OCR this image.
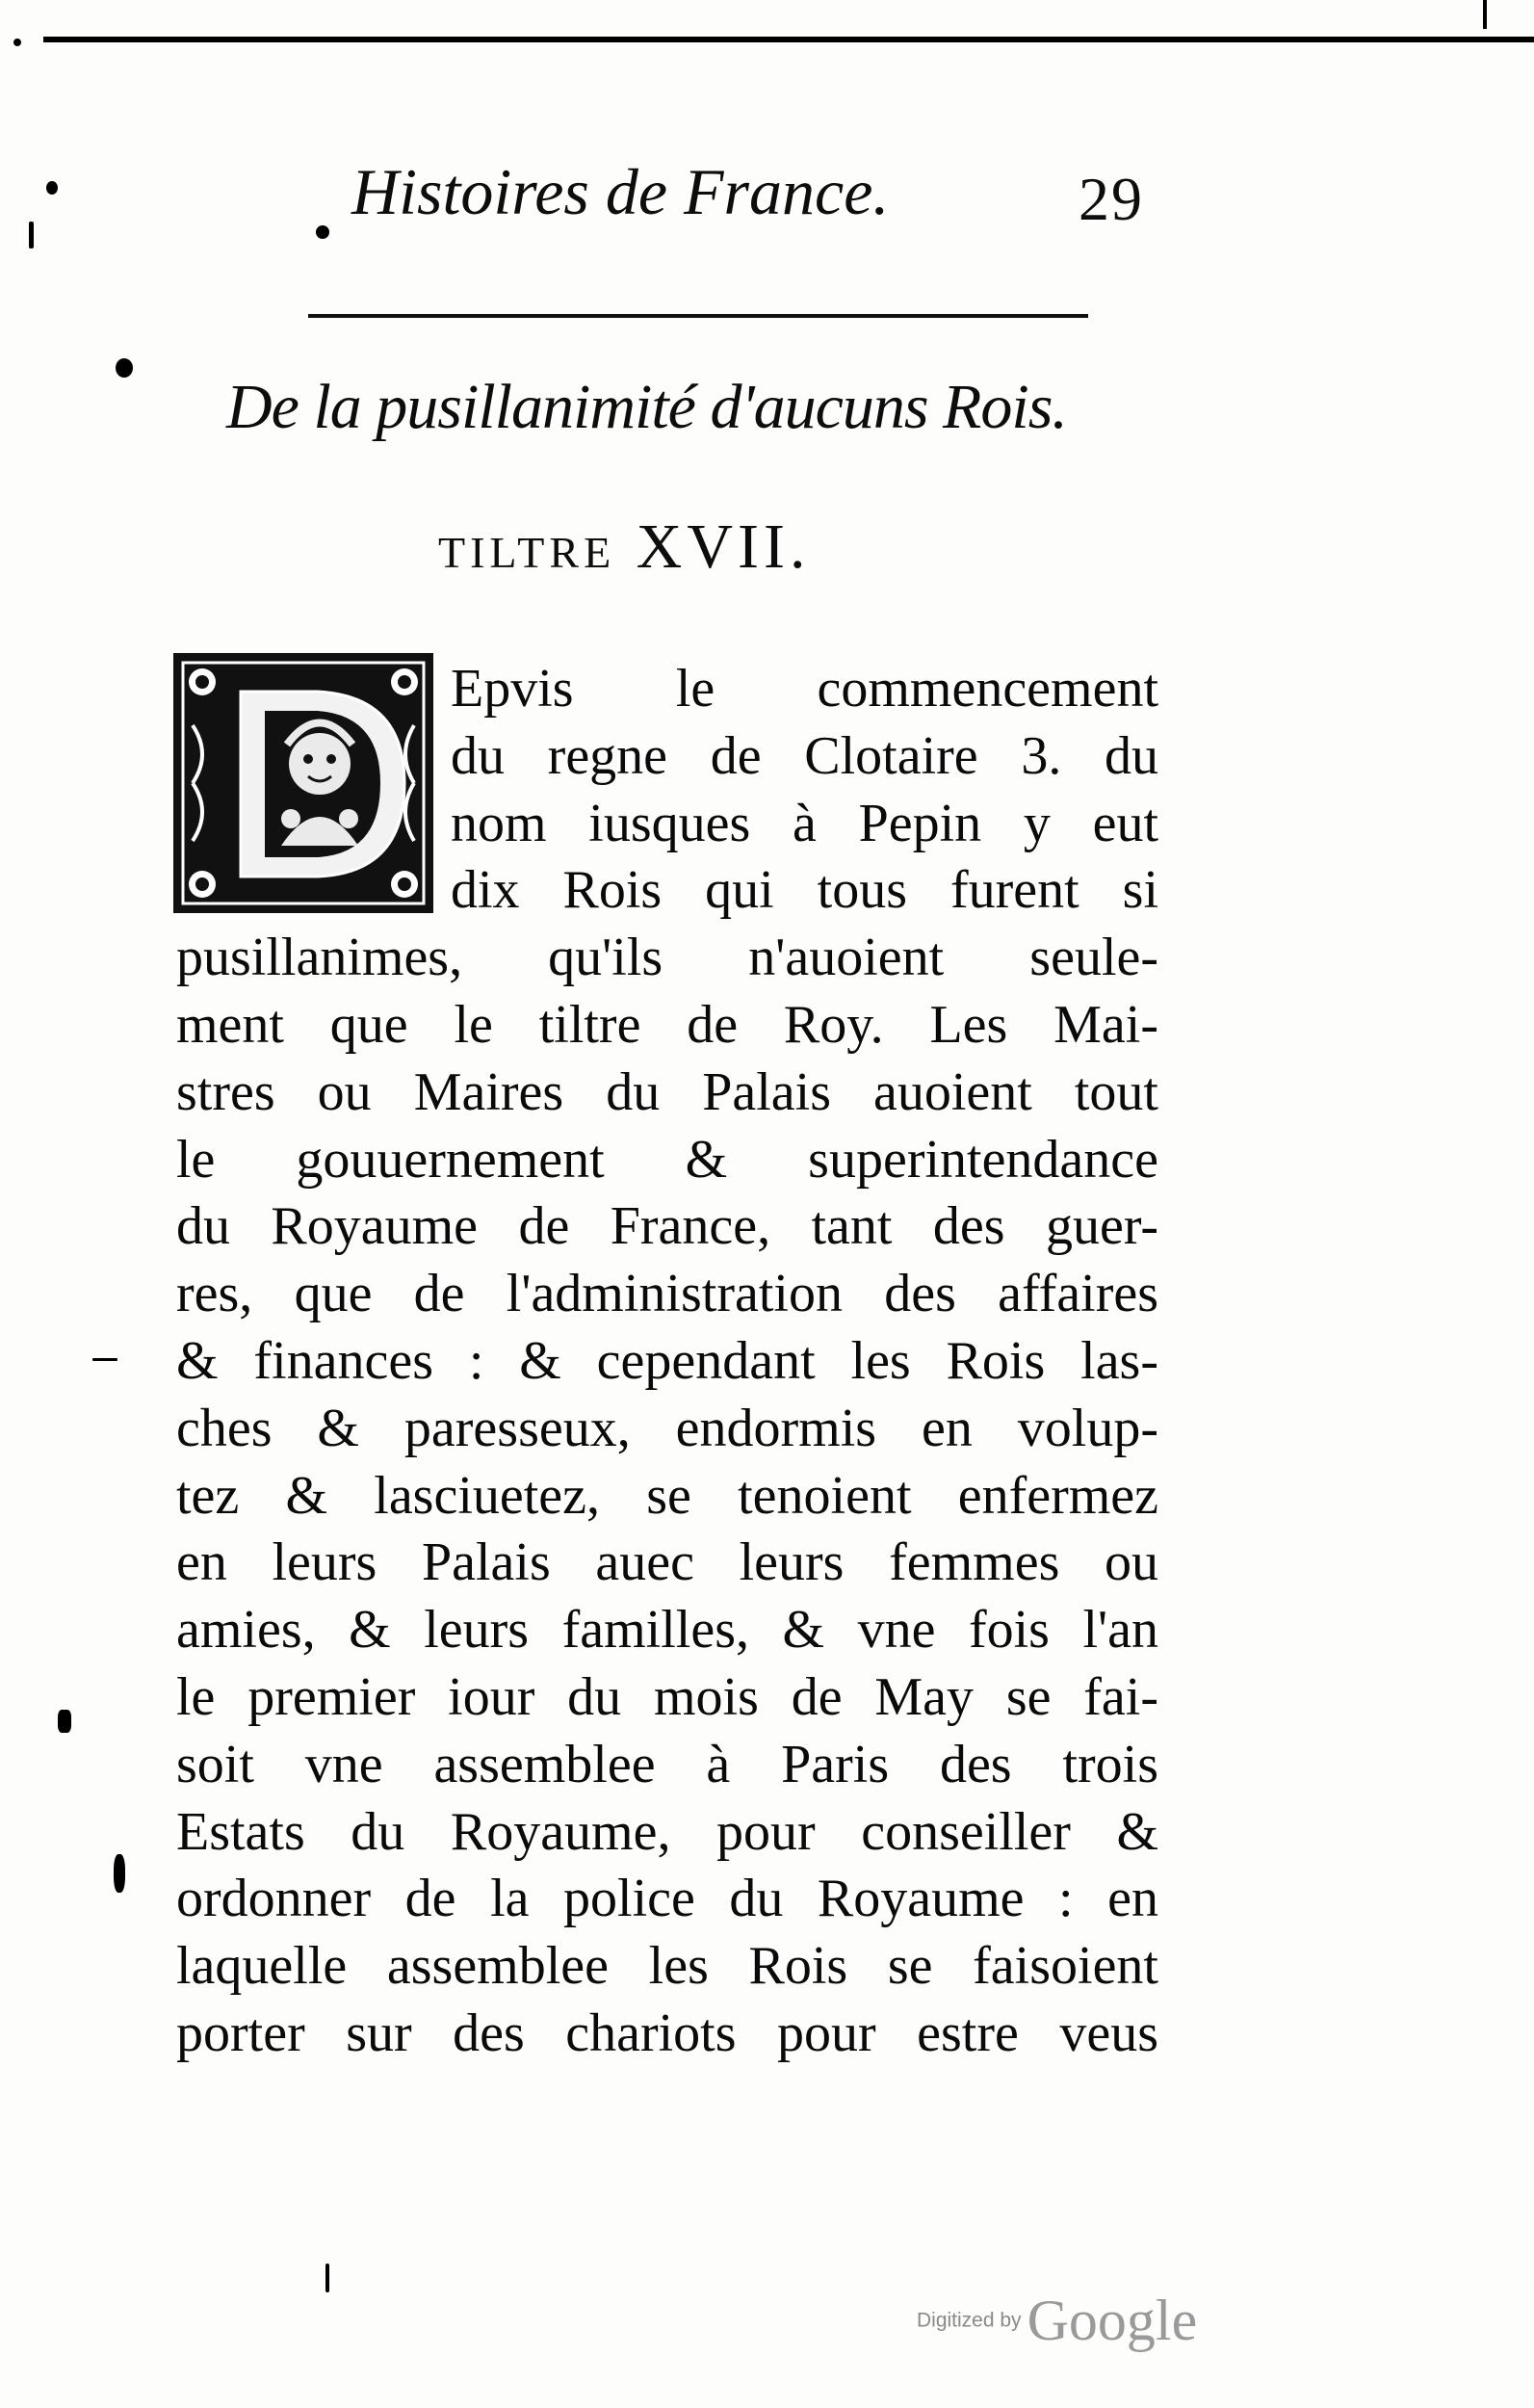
Histoires de France.	29
De la pusillanimité d'aucuns Rois.
TILTRE XVII.
Epvis le commencement
du regne de Clotaire 3. du
nom iusques à Pepin y eut
dix Rois qui tous furent si
pusillanimes, qu'ils n'auoient seule-
ment que le tiltre de Roy. Les Mai-
stres ou Maires du Palais auoient tout
le gouuernement & superintendance
du Royaume de France, tant des guer-
res, que de l'administration des affaires
& finances : & cependant les Rois las-
ches & paresseux, endormis en volup-
tez & lasciuetez, se tenoient enfermez
en leurs Palais auec leurs femmes ou
amies, & leurs familles, & vne fois l'an
le premier iour du mois de May se fai-
soit vne assemblee à Paris des trois
Estats du Royaume, pour conseiller &
ordonner de la police du Royaume : en
laquelle assemblee les Rois se faisoient
porter sur des chariots pour estre veus
Digitized by Google
